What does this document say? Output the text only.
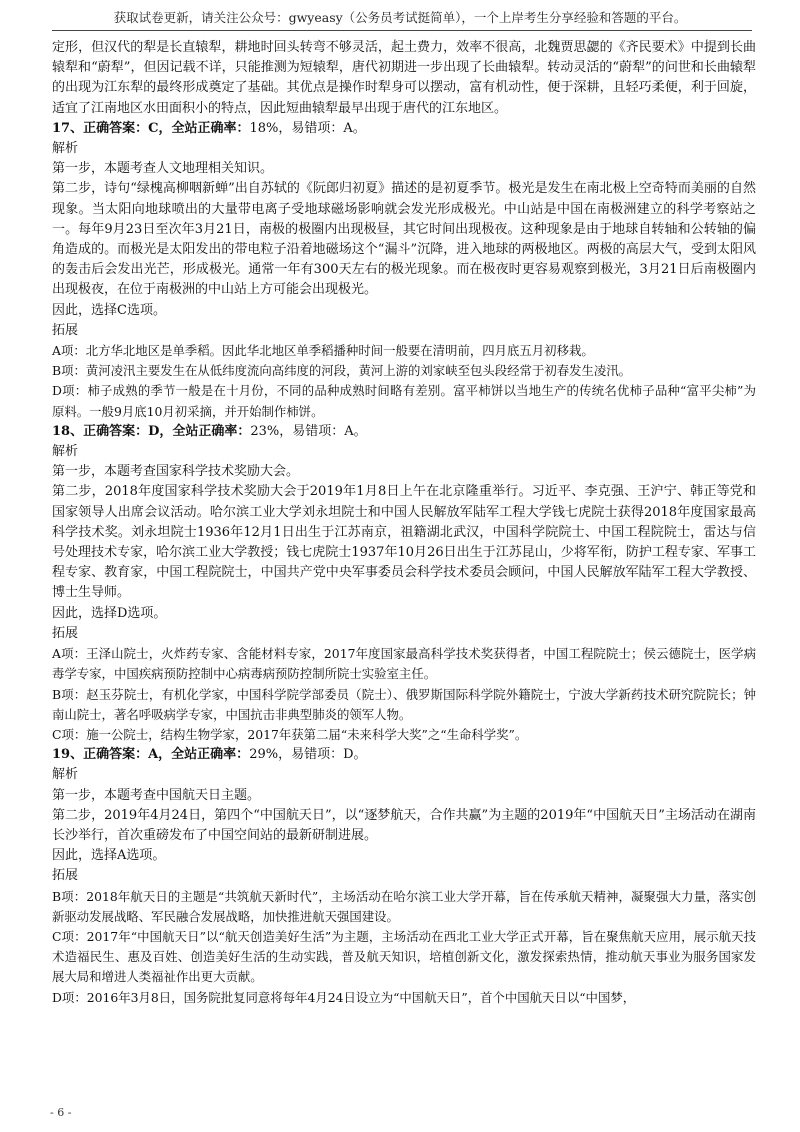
获取试卷更新，请关注公众号：gwyeasy（公务员考试挺简单），一个上岸考生分享经验和答题的平台。

定形，但汉代的犁是长直辕犁，耕地时回头转弯不够灵活，起土费力，效率不很高，北魏贾思勰的《齐民要术》中提到长曲辕犁和“蔚犁”，但因记载不详，只能推测为短辕犁，唐代初期进一步出现了长曲辕犁。转动灵活的“蔚犁”的问世和长曲辕犁的出现为江东犁的最终形成奠定了基础。其优点是操作时犁身可以摆动，富有机动性，便于深耕，且轻巧柔便，利于回旋，适宜了江南地区水田面积小的特点，因此短曲辕犁最早出现于唐代的江东地区。

17、正确答案：C，全站正确率：18%，易错项：A。

解析

第一步，本题考查人文地理相关知识。

第二步，诗句“绿槐高柳咽新蝉”出自苏轼的《阮郎归初夏》描述的是初夏季节。极光是发生在南北极上空奇特而美丽的自然现象。当太阳向地球喷出的大量带电离子受地球磁场影响就会发光形成极光。中山站是中国在南极洲建立的科学考察站之一。每年9月23日至次年3月21日，南极的极圈内出现极昼，其它时间出现极夜。这种现象是由于地球自转轴和公转轴的偏角造成的。而极光是太阳发出的带电粒子沿着地磁场这个“漏斗”沉降，进入地球的两极地区。两极的高层大气，受到太阳风的轰击后会发出光芒，形成极光。通常一年有300天左右的极光现象。而在极夜时更容易观察到极光，3月21日后南极圈内出现极夜，在位于南极洲的中山站上方可能会出现极光。

因此，选择C选项。

拓展

A项：北方华北地区是单季稻。因此华北地区单季稻播种时间一般要在清明前，四月底五月初移栽。

B项：黄河凌汛主要发生在从低纬度流向高纬度的河段，黄河上游的刘家峡至包头段经常于初春发生凌汛。

D项：柿子成熟的季节一般是在十月份，不同的品种成熟时间略有差别。富平柿饼以当地生产的传统名优柿子品种“富平尖柿”为原料。一般9月底10月初采摘，并开始制作柿饼。

18、正确答案：D，全站正确率：23%，易错项：A。

解析

第一步，本题考查国家科学技术奖励大会。

第二步，2018年度国家科学技术奖励大会于2019年1月8日上午在北京隆重举行。习近平、李克强、王沪宁、韩正等党和国家领导人出席会议活动。哈尔滨工业大学刘永坦院士和中国人民解放军陆军工程大学钱七虎院士获得2018年度国家最高科学技术奖。刘永坦院士1936年12月1日出生于江苏南京，祖籍湖北武汉，中国科学院院士、中国工程院院士，雷达与信号处理技术专家，哈尔滨工业大学教授；钱七虎院士1937年10月26日出生于江苏昆山，少将军衔，防护工程专家、军事工程专家、教育家，中国工程院院士，中国共产党中央军事委员会科学技术委员会顾问，中国人民解放军陆军工程大学教授、博士生导师。

因此，选择D选项。

拓展

A项：王泽山院士，火炸药专家、含能材料专家，2017年度国家最高科学技术奖获得者，中国工程院院士；侯云德院士，医学病毒学专家，中国疾病预防控制中心病毒病预防控制所院士实验室主任。

B项：赵玉芬院士，有机化学家，中国科学院学部委员（院士）、俄罗斯国际科学院外籍院士，宁波大学新药技术研究院院长；钟南山院士，著名呼吸病学专家，中国抗击非典型肺炎的领军人物。

C项：施一公院士，结构生物学家，2017年获第二届“未来科学大奖”之“生命科学奖”。

19、正确答案：A，全站正确率：29%，易错项：D。

解析

第一步，本题考查中国航天日主题。

第二步，2019年4月24日，第四个“中国航天日”，以“逐梦航天，合作共赢”为主题的2019年“中国航天日”主场活动在湖南长沙举行，首次重磅发布了中国空间站的最新研制进展。

因此，选择A选项。

拓展

B项：2018年航天日的主题是“共筑航天新时代”，主场活动在哈尔滨工业大学开幕，旨在传承航天精神，凝聚强大力量，落实创新驱动发展战略、军民融合发展战略，加快推进航天强国建设。

C项：2017年“中国航天日”以“航天创造美好生活”为主题，主场活动在西北工业大学正式开幕，旨在聚焦航天应用，展示航天技术造福民生、惠及百姓、创造美好生活的生动实践，普及航天知识，培植创新文化，激发探索热情，推动航天事业为服务国家发展大局和增进人类福祉作出更大贡献。

D项：2016年3月8日，国务院批复同意将每年4月24日设立为“中国航天日”，首个中国航天日以“中国梦，

- 6 -
